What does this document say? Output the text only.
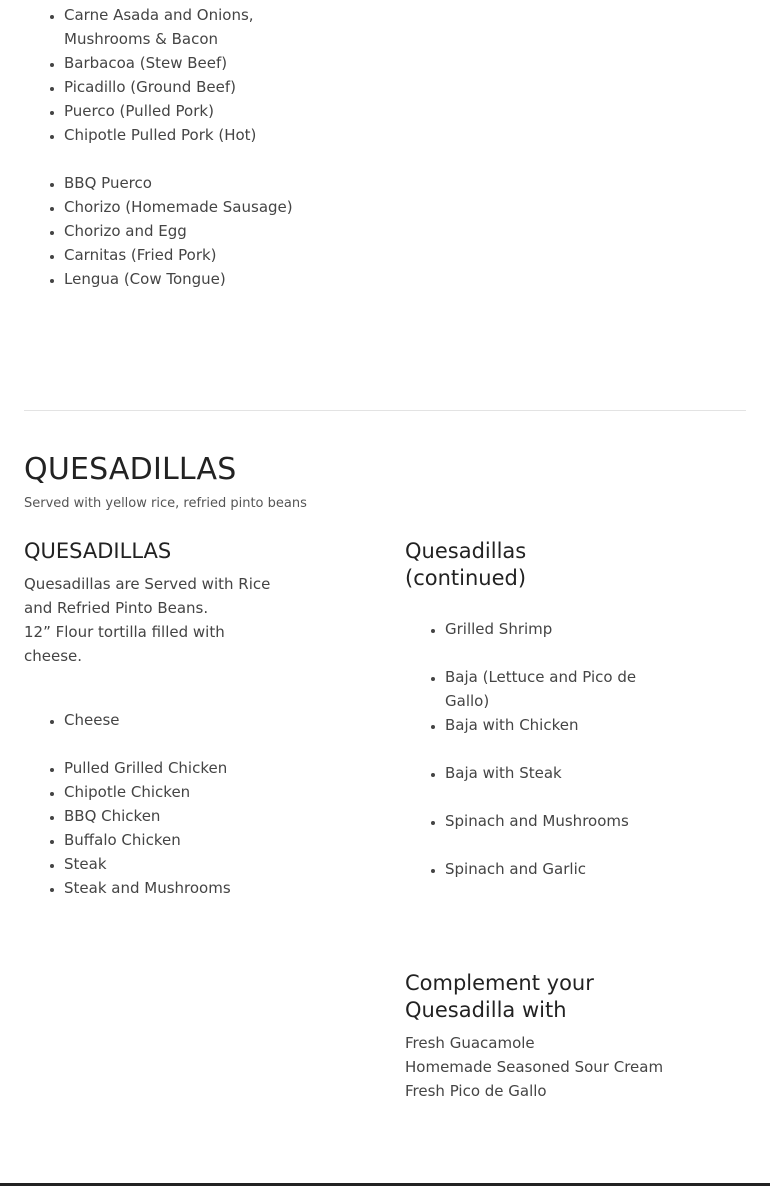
• Carne Asada and Onions, Mushrooms & Bacon
• Barbacoa (Stew Beef)
• Picadillo (Ground Beef)
• Puerco (Pulled Pork)
• Chipotle Pulled Pork (Hot)
• BBQ Puerco
• Chorizo (Homemade Sausage)
• Chorizo and Egg
• Carnitas (Fried Pork)
• Lengua (Cow Tongue)
QUESADILLAS

Served with yellow rice, refried pinto beans

QUESADILLAS

Quesadillas are Served with Rice and Refried Pinto Beans.

12” Flour tortilla filled with cheese.

• Cheese
• Pulled Grilled Chicken
• Chipotle Chicken
• BBQ Chicken
• Buffalo Chicken
• Steak
• Steak and Mushrooms
Quesadillas (continued)
• Grilled Shrimp
• Baja (Lettuce and Pico de Gallo)
• Baja with Chicken
• Baja with Steak
• Spinach and Mushrooms
• Spinach and Garlic
Complement your Quesadilla with

Fresh Guacamole

Homemade Seasoned Sour Cream

Fresh Pico de Gallo
